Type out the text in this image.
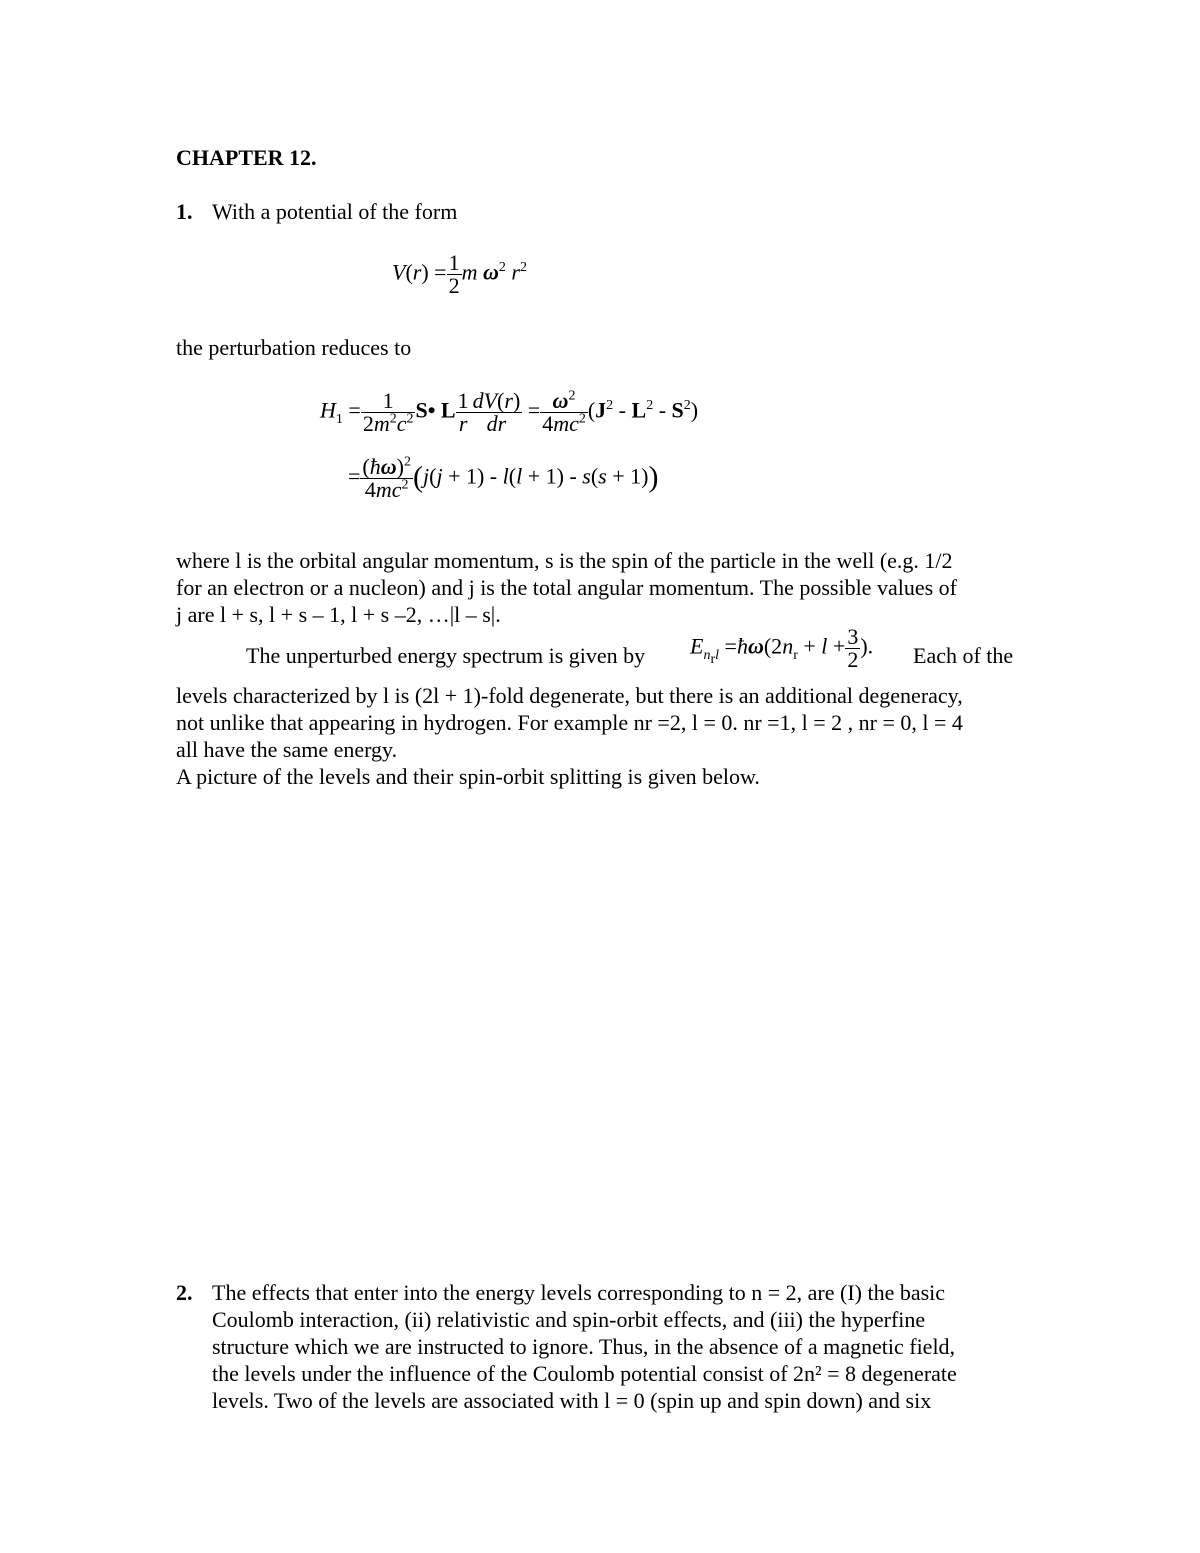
CHAPTER 12.
1. With a potential of the form
$V(r) = \frac{1}{2}$ m $\omega^2$ $r^2$
the perturbation reduces to
$H_1 = \frac{1}{2m^2c^2}$ S• L $\frac{1}{r} \frac{dV(r)}{dr} = \frac{\omega^2}{4mc^2} (J^2 - L^2 - S^2)$
= $\frac{(ħ\omega)^2}{4mc^2} (j(j + 1) - l(l + 1) - s(s + 1))$
where l is the orbital angular momentum, s is the spin of the particle in the well (e.g. 1/2
for an electron or a nucleon) and j is the total angular momentum. The possible values of
j are l + s, l + s – 1, l + s –2, …|l – s|.
The unperturbed energy spectrum is given by $E_{n_rl}$ $=ħ\omega(2n_r + l + \frac{3}{2}$ ). Each of the
levels characterized by l is (2l + 1)-fold degenerate, but there is an additional degeneracy,
not unlike that appearing in hydrogen. For example nr =2, l = 0. nr =1, l = 2 , nr = 0, l = 4
all have the same energy.
A picture of the levels and their spin-orbit splitting is given below.
2. The effects that enter into the energy levels corresponding to n = 2, are (I) the basic
Coulomb interaction, (ii) relativistic and spin-orbit effects, and (iii) the hyperfine
structure which we are instructed to ignore. Thus, in the absence of a magnetic field,
the levels under the influence of the Coulomb potential consist of 2n² = 8 degenerate
levels. Two of the levels are associated with l = 0 (spin up and spin down) and six
